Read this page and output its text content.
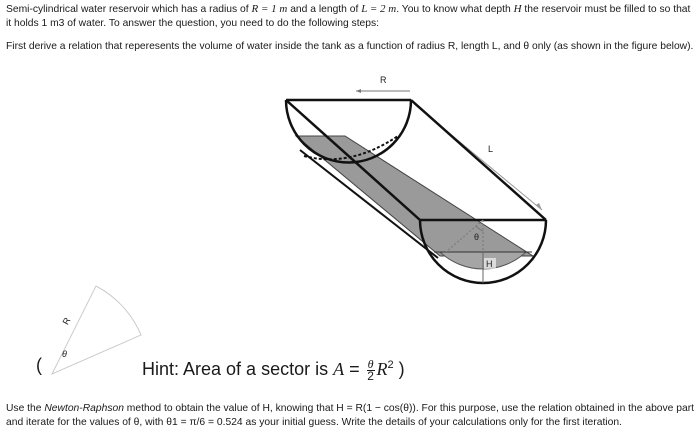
Semi-cylindrical water reservoir which has a radius of R = 1 m and a length of L = 2 m. You to know what depth H the reservoir must be filled to so that it holds 1 m3 of water. To answer the question, you need to do the following steps:

First derive a relation that reperesents the volume of water inside the tank as a function of radius R, length L, and θ only (as shown in the figure below).

R
L
θ
H
R
θ
(	Hint: Area of a sector is $A = \frac{\theta}{2} R^2$ )

Use the Newton-Raphson method to obtain the value of H, knowing that H = R(1 − cos(θ)). For this purpose, use the relation obtained in the above part and iterate for the values of θ, with θ1 = π/6 = 0.524 as your initial guess. Write the details of your calculations only for the first iteration.
